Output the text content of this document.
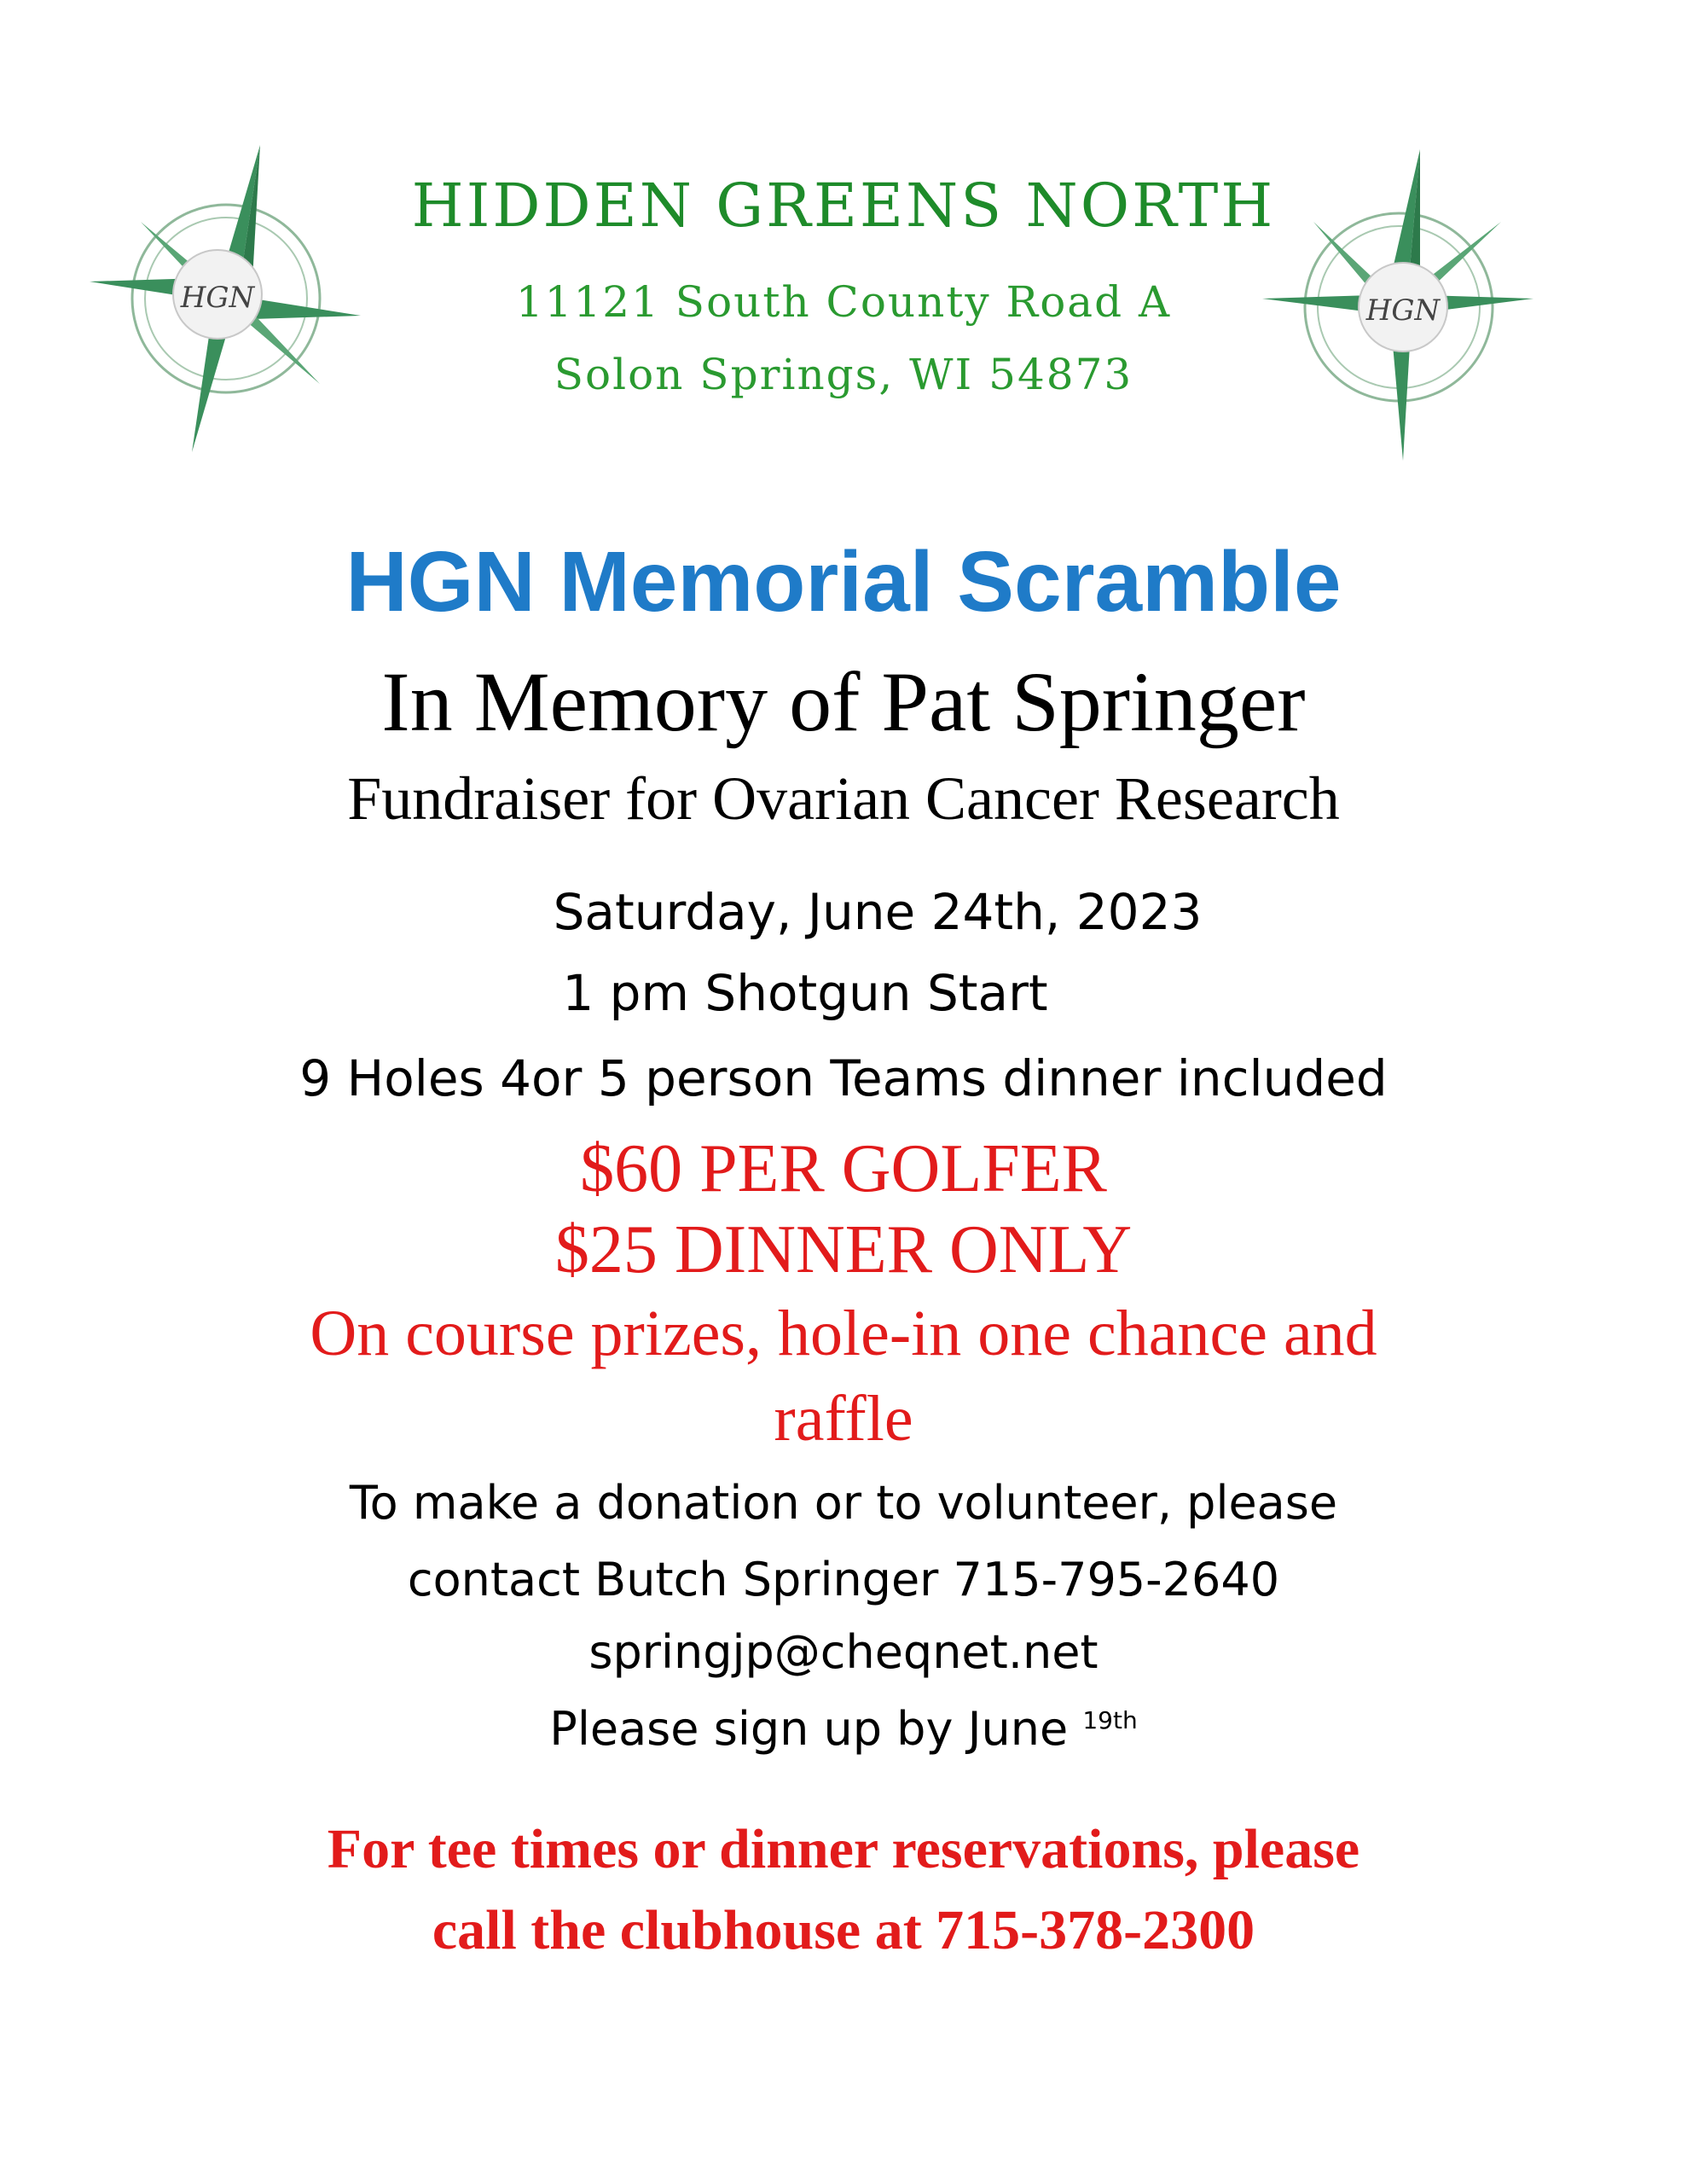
HGN	HGN
HIDDEN GREENS NORTH
11121 South County Road A
Solon Springs, WI 54873
HGN Memorial Scramble
In Memory of Pat Springer
Fundraiser for Ovarian Cancer Research
Saturday, June 24th, 2023
1 pm Shotgun Start
9 Holes 4or 5 person Teams dinner included
$60 PER GOLFER
$25 DINNER ONLY
On course prizes, hole-in one chance and
raffle
To make a donation or to volunteer, please
contact Butch Springer 715-795-2640
springjp@cheqnet.net
Please sign up by June $^{19th}$
For tee times or dinner reservations, please
call the clubhouse at 715-378-2300
